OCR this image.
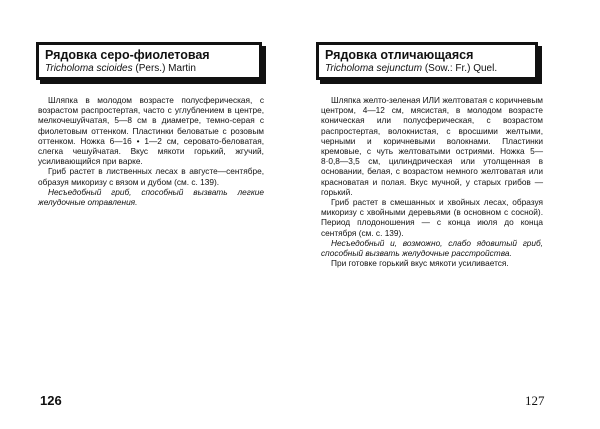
Рядовка серо-фиолетовая
Tricholoma scioides (Pers.) Martin

Шляпка в молодом возрасте полусферическая, с возрастом распростертая, часто с углублением в центре, мелкочешуйчатая, 5—8 см в диаметре, темно-серая с фиолетовым оттенком. Пластинки беловатые с розовым оттенком. Ножка 6—16 • 1—2 см, серовато-беловатая, слегка чешуйчатая. Вкус мякоти горький, жгучий, усиливающийся при варке.

Гриб растет в лиственных лесах в августе—сентябре, образуя микоризу с вязом и дубом (см. с. 139).

Несъедобный гриб, способный вызвать легкие желудочные отравления.

126
Рядовка отличающаяся
Tricholoma sejunctum (Sow.: Fr.) Quel.

Шляпка желто-зеленая ИЛИ желтоватая с коричневым центром, 4—12 см, мясистая, в молодом возрасте коническая или полусферическая, с возрастом распростертая, волокнистая, с вросшими желтыми, черными и коричневыми волокнами. Пластинки кремовые, с чуть желтоватыми остриями. Ножка 5—8·0,8—3,5 см, цилиндрическая или утолщенная в основании, белая, с возрастом немного желтоватая или красноватая и полая. Вкус мучной, у старых грибов — горький.

Гриб растет в смешанных и хвойных лесах, образуя микоризу с хвойными деревьями (в основном с сосной). Период плодоношения — с конца июля до конца сентября (см. с. 139).

Несъедобный и, возможно, слабо ядовитый гриб, способный вызвать желудочные расстройства.

При готовке горький вкус мякоти усиливается.

127
